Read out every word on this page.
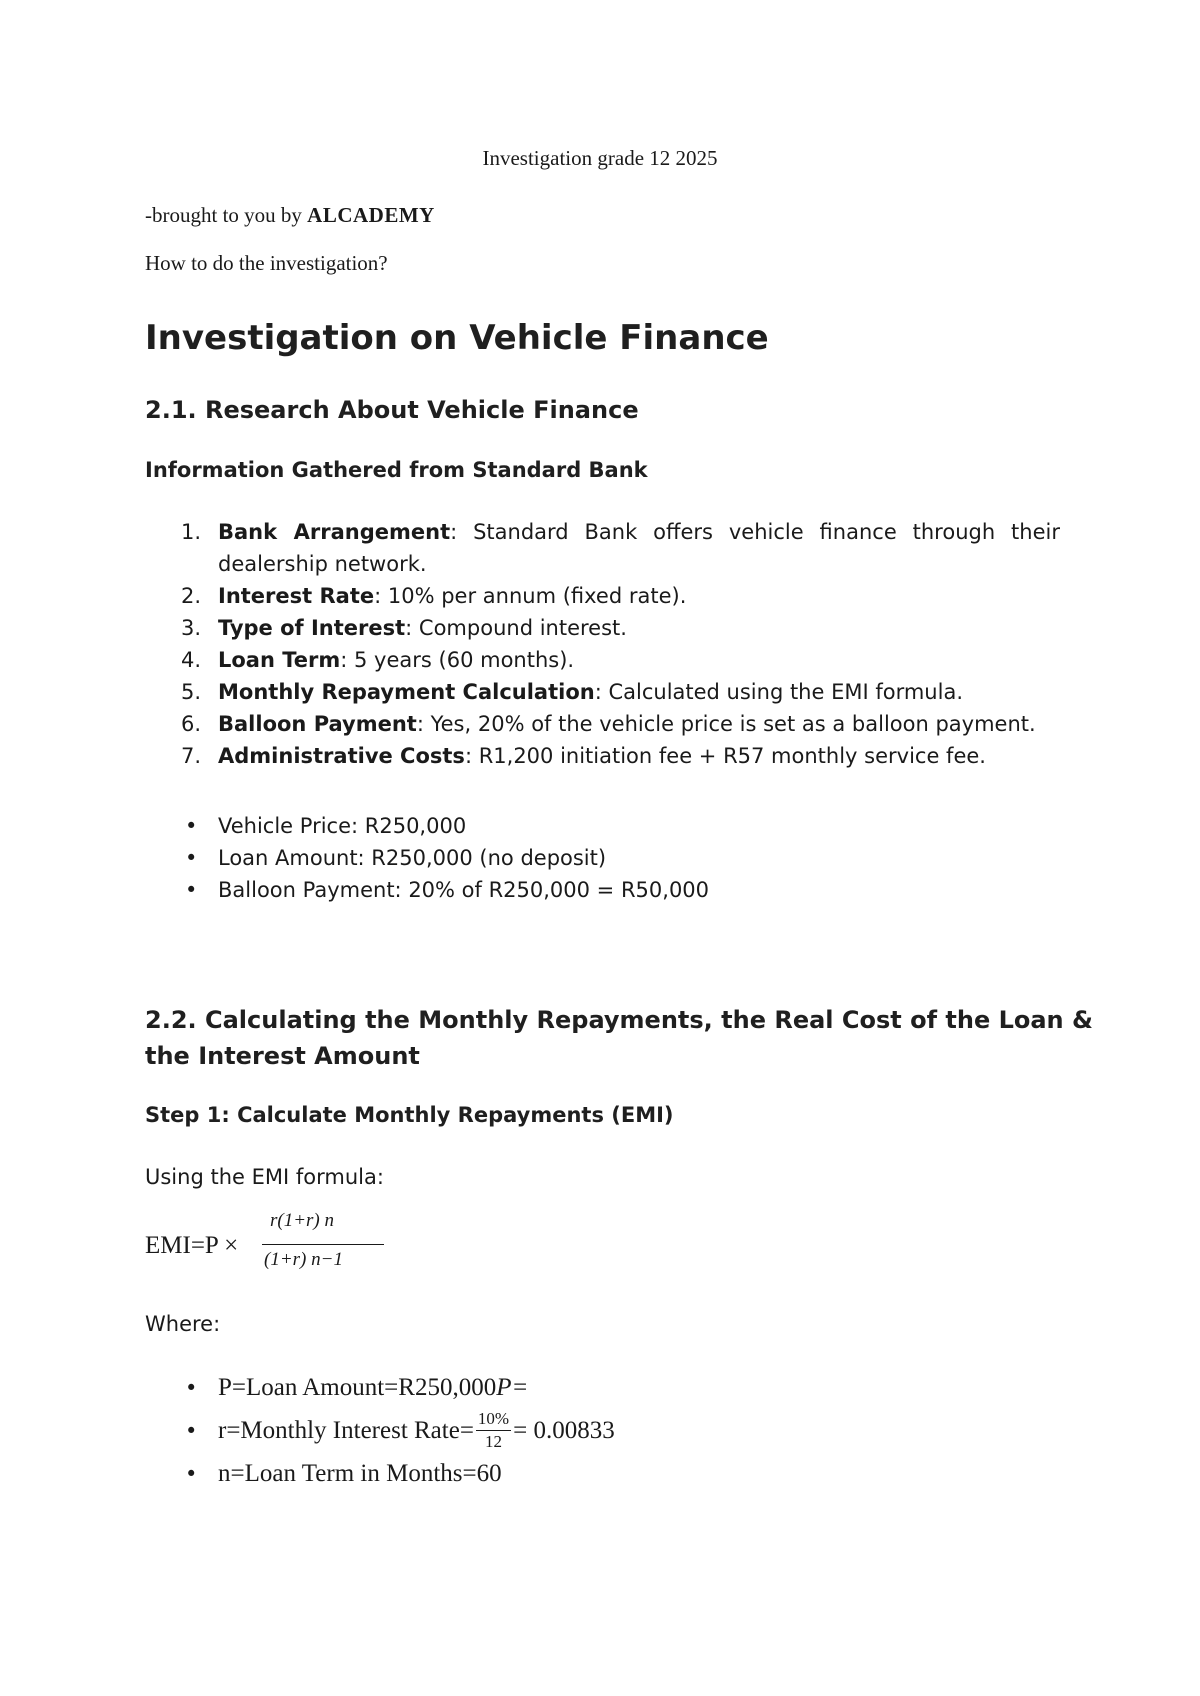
Investigation grade 12 2025

-brought to you by ALCADEMY

How to do the investigation?

Investigation on Vehicle Finance
2.1. Research About Vehicle Finance
Information Gathered from Standard Bank
1. Bank Arrangement: Standard Bank offers vehicle finance through their dealership network.
2. Interest Rate: 10% per annum (fixed rate).
3. Type of Interest: Compound interest.
4. Loan Term: 5 years (60 months).
5. Monthly Repayment Calculation: Calculated using the EMI formula.
6. Balloon Payment: Yes, 20% of the vehicle price is set as a balloon payment.
7. Administrative Costs: R1,200 initiation fee + R57 monthly service fee.
• Vehicle Price: R250,000
• Loan Amount: R250,000 (no deposit)
• Balloon Payment: 20% of R250,000 = R50,000
2.2. Calculating the Monthly Repayments, the Real Cost of the Loan &
the Interest Amount
Step 1: Calculate Monthly Repayments (EMI)

Using the EMI formula:

EMI=P ×
r(1+r) n
(1+r) n−1

Where:

• P=Loan Amount=R250,000 P=
• r=Monthly Interest Rate= $\frac{10\%}{12} = 0.00833$
• n=Loan Term in Months=60
